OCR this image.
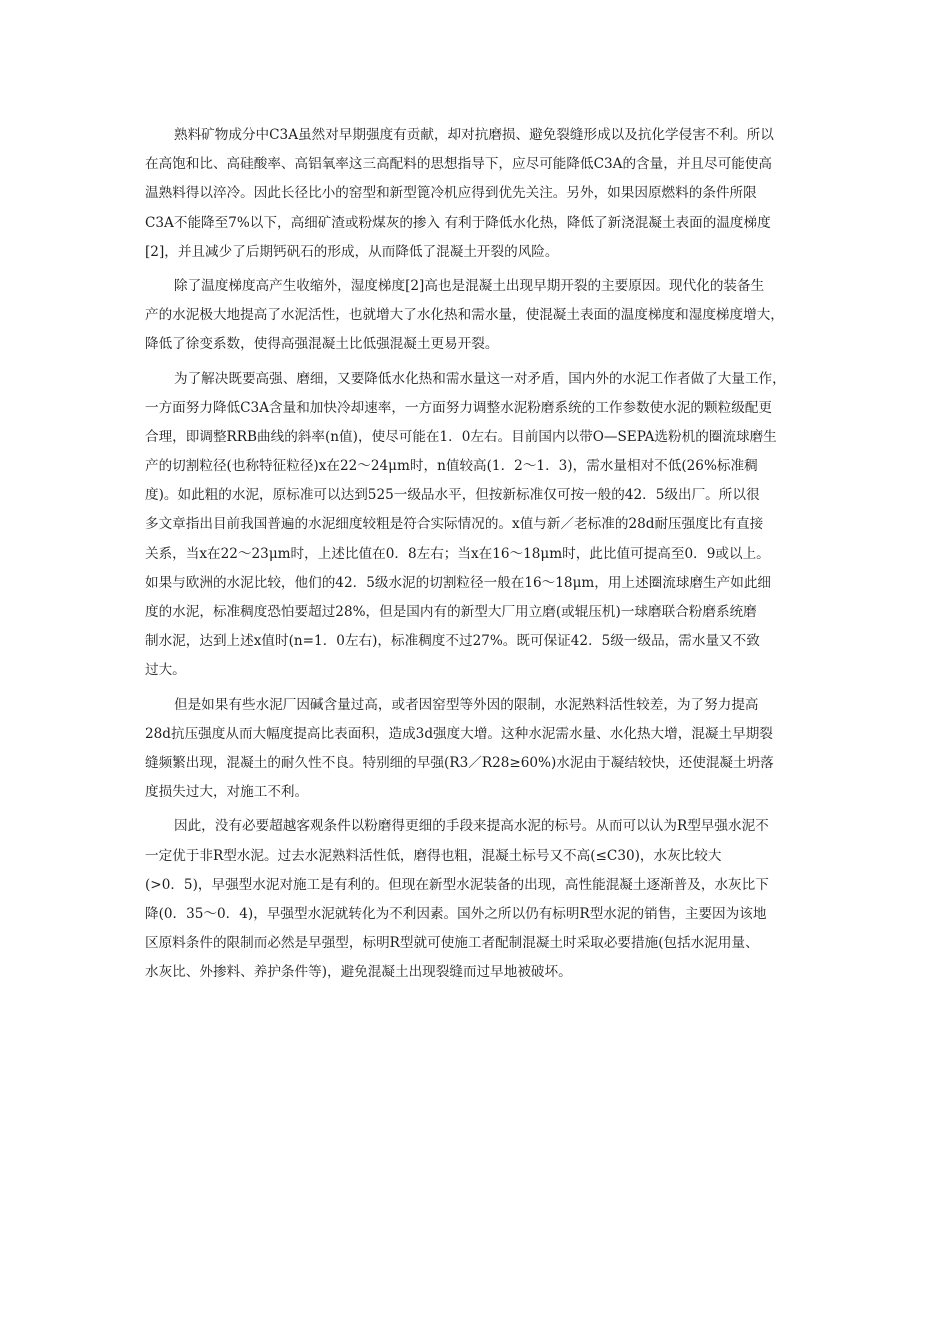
熟料矿物成分中C3A虽然对早期强度有贡献，却对抗磨损、避免裂缝形成以及抗化学侵害不利。所以
在高饱和比、高硅酸率、高铝氧率这三高配料的思想指导下，应尽可能降低C3A的含量，并且尽可能使高
温熟料得以淬冷。因此长径比小的窑型和新型篦冷机应得到优先关注。另外，如果因原燃料的条件所限
C3A不能降至7%以下，高细矿渣或粉煤灰的掺入 有利于降低水化热，降低了新浇混凝土表面的温度梯度
[2]，并且减少了后期钙矾石的形成，从而降低了混凝土开裂的风险。
除了温度梯度高产生收缩外，湿度梯度[2]高也是混凝土出现早期开裂的主要原因。现代化的装备生
产的水泥极大地提高了水泥活性，也就增大了水化热和需水量，使混凝土表面的温度梯度和湿度梯度增大，
降低了徐变系数，使得高强混凝土比低强混凝土更易开裂。
为了解决既要高强、磨细，又要降低水化热和需水量这一对矛盾，国内外的水泥工作者做了大量工作，
一方面努力降低C3A含量和加快冷却速率，一方面努力调整水泥粉磨系统的工作参数使水泥的颗粒级配更
合理，即调整RRB曲线的斜率(n值)，使尽可能在1．0左右。目前国内以带O—SEPA选粉机的圈流球磨生
产的切割粒径(也称特征粒径)x在22～24μm时，n值较高(1．2～1．3)，需水量相对不低(26%标准稠
度)。如此粗的水泥，原标准可以达到525一级品水平，但按新标准仅可按一般的42．5级出厂。所以很
多文章指出目前我国普遍的水泥细度较粗是符合实际情况的。x值与新／老标准的28d耐压强度比有直接
关系，当x在22～23μm时，上述比值在0．8左右；当x在16～18μm时，此比值可提高至0．9或以上。
如果与欧洲的水泥比较，他们的42．5级水泥的切割粒径一般在16～18μm，用上述圈流球磨生产如此细
度的水泥，标准稠度恐怕要超过28%，但是国内有的新型大厂用立磨(或辊压机)一球磨联合粉磨系统磨
制水泥，达到上述x值时(n=1．0左右)，标准稠度不过27%。既可保证42．5级一级品，需水量又不致
过大。
但是如果有些水泥厂因碱含量过高，或者因窑型等外因的限制，水泥熟料活性较差，为了努力提高
28d抗压强度从而大幅度提高比表面积，造成3d强度大增。这种水泥需水量、水化热大增，混凝土早期裂
缝频繁出现，混凝土的耐久性不良。特别细的早强(R3／R28≥60%)水泥由于凝结较快，还使混凝土坍落
度损失过大，对施工不利。
因此，没有必要超越客观条件以粉磨得更细的手段来提高水泥的标号。从而可以认为R型早强水泥不
一定优于非R型水泥。过去水泥熟料活性低，磨得也粗，混凝土标号又不高(≤C30)，水灰比较大
(>0．5)，早强型水泥对施工是有利的。但现在新型水泥装备的出现，高性能混凝土逐渐普及，水灰比下
降(0．35～0．4)，早强型水泥就转化为不利因素。国外之所以仍有标明R型水泥的销售，主要因为该地
区原料条件的限制而必然是早强型，标明R型就可使施工者配制混凝土时采取必要措施(包括水泥用量、
水灰比、外掺料、养护条件等)，避免混凝土出现裂缝而过早地被破坏。
